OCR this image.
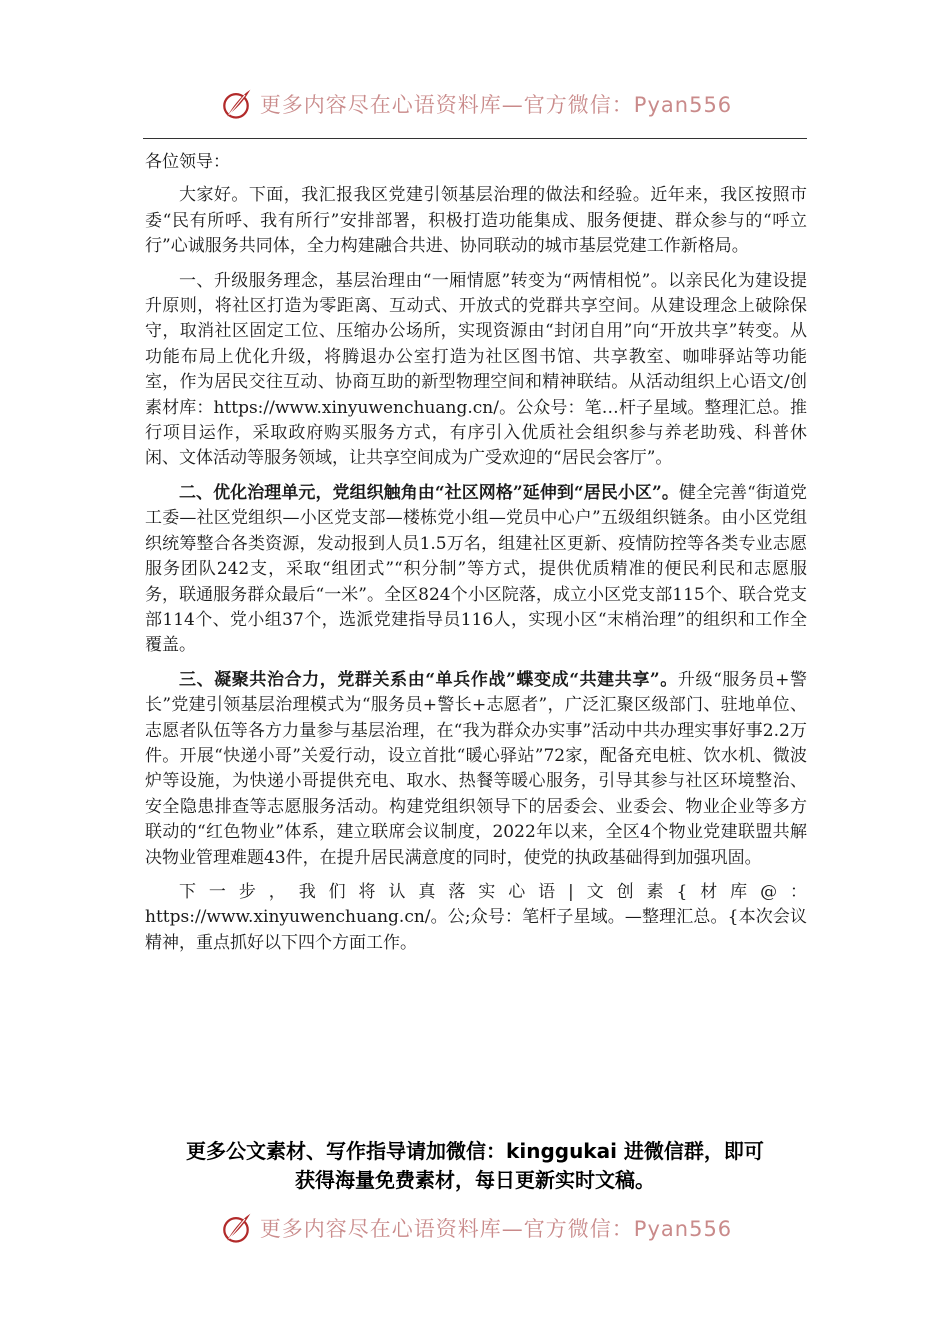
更多内容尽在心语资料库—官方微信：Pyan556

各位领导：

大家好。下面，我汇报我区党建引领基层治理的做法和经验。近年来，我区按照市委“民有所呼、我有所行”安排部署，积极打造功能集成、服务便捷、群众参与的“呼立行”心诚服务共同体，全力构建融合共进、协同联动的城市基层党建工作新格局。

一、升级服务理念，基层治理由“一厢情愿”转变为“两情相悦”。以亲民化为建设提升原则，将社区打造为零距离、互动式、开放式的党群共享空间。从建设理念上破除保守，取消社区固定工位、压缩办公场所，实现资源由“封闭自用”向“开放共享”转变。从功能布局上优化升级，将腾退办公室打造为社区图书馆、共享教室、咖啡驿站等功能室，作为居民交往互动、协商互助的新型物理空间和精神联结。从活动组织上心语文/创素材库：https://www.xinyuwenchuang.cn/。公众号：笔…杆子星域。整理汇总。推行项目运作，采取政府购买服务方式，有序引入优质社会组织参与养老助残、科普休闲、文体活动等服务领域，让共享空间成为广受欢迎的“居民会客厅”。

二、优化治理单元，党组织触角由“社区网格”延伸到“居民小区”。健全完善“街道党工委—社区党组织—小区党支部—楼栋党小组—党员中心户”五级组织链条。由小区党组织统筹整合各类资源，发动报到人员1.5万名，组建社区更新、疫情防控等各类专业志愿服务团队242支，采取“组团式”“积分制”等方式，提供优质精准的便民利民和志愿服务，联通服务群众最后“一米”。全区824个小区院落，成立小区党支部115个、联合党支部114个、党小组37个，选派党建指导员116人，实现小区“末梢治理”的组织和工作全覆盖。

三、凝聚共治合力，党群关系由“单兵作战”蝶变成“共建共享”。升级“服务员+警长”党建引领基层治理模式为“服务员+警长+志愿者”，广泛汇聚区级部门、驻地单位、志愿者队伍等各方力量参与基层治理，在“我为群众办实事”活动中共办理实事好事2.2万件。开展“快递小哥”关爱行动，设立首批“暖心驿站”72家，配备充电桩、饮水机、微波炉等设施，为快递小哥提供充电、取水、热餐等暖心服务，引导其参与社区环境整治、安全隐患排查等志愿服务活动。构建党组织领导下的居委会、业委会、物业企业等多方联动的“红色物业”体系，建立联席会议制度，2022年以来，全区4个物业党建联盟共解决物业管理难题43件，在提升居民满意度的同时，使党的执政基础得到加强巩固。

下一步，我们将认真落实心语|文创素{材库@：https://www.xinyuwenchuang.cn/。公;众号：笔杆子星域。—整理汇总。{本次会议精神，重点抓好以下四个方面工作。

更多公文素材、写作指导请加微信：kinggukai 进微信群，即可
获得海量免费素材，每日更新实时文稿。
更多内容尽在心语资料库—官方微信：Pyan556
